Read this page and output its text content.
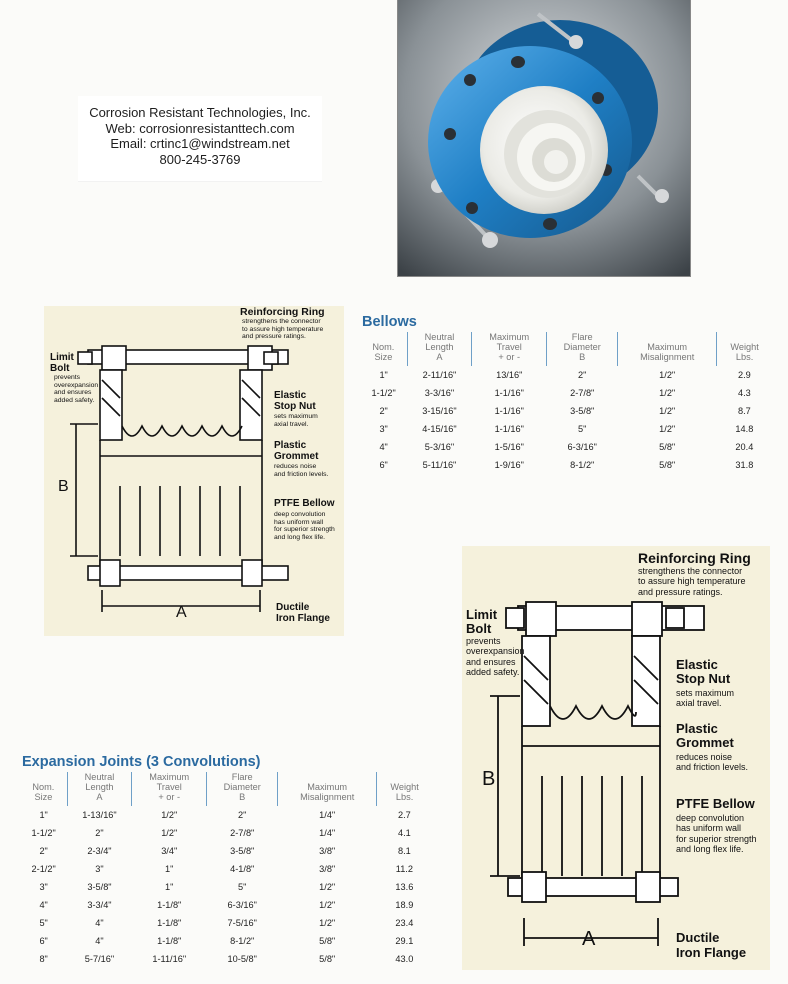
Corrosion Resistant Technologies, Inc.
Web: corrosionresistanttech.com
Email: crtinc1@windstream.net
800-245-3769
Reinforcing Ring
strengthens the connector
to assure high temperature
and pressure ratings.
Limit
Bolt
prevents
overexpansion
and ensures
added safety.	Elastic
Stop Nut
sets maximum
axial travel.
Plastic
Grommet
reduces noise
and friction levels.
PTFE Bellow
deep convolution
has uniform wall
for superior strength
and long flex life.
Ductile
Iron Flange
B
A
Bellows
Nom.
Size	Neutral
Length
A	Maximum
Travel
+ or -	Flare
Diameter
B	Maximum
Misalignment	Weight
Lbs.

1"	2-11/16"	13/16"	2"	1/2"	2.9
1-1/2"	3-3/16"	1-1/16"	2-7/8"	1/2"	4.3
2"	3-15/16"	1-1/16"	3-5/8"	1/2"	8.7
3"	4-15/16"	1-1/16"	5"	1/2"	14.8
4"	5-3/16"	1-5/16"	6-3/16"	5/8"	20.4
6"	5-11/16"	1-9/16"	8-1/2"	5/8"	31.8
Reinforcing Ring
strengthens the connector
to assure high temperature
and pressure ratings.
Limit
Bolt
prevents
overexpansion
and ensures
added safety.
Elastic
Stop Nut
sets maximum
axial travel.
Plastic
Grommet
reduces noise
and friction levels.
PTFE Bellow
deep convolution
has uniform wall
for superior strength
and long flex life.
Ductile
Iron Flange
B
A
Expansion Joints (3 Convolutions)
Nom.
Size	Neutral
Length
A	Maximum
Travel
+ or -	Flare
Diameter
B	Maximum
Misalignment	Weight
Lbs.

1"	1-13/16"	1/2"	2"	1/4"	2.7
1-1/2"	2"	1/2"	2-7/8"	1/4"	4.1
2"	2-3/4"	3/4"	3-5/8"	3/8"	8.1
2-1/2"	3"	1"	4-1/8"	3/8"	11.2
3"	3-5/8"	1"	5"	1/2"	13.6
4"	3-3/4"	1-1/8"	6-3/16"	1/2"	18.9
5"	4"	1-1/8"	7-5/16"	1/2"	23.4
6"	4"	1-1/8"	8-1/2"	5/8"	29.1
8"	5-7/16"	1-11/16"	10-5/8"	5/8"	43.0
